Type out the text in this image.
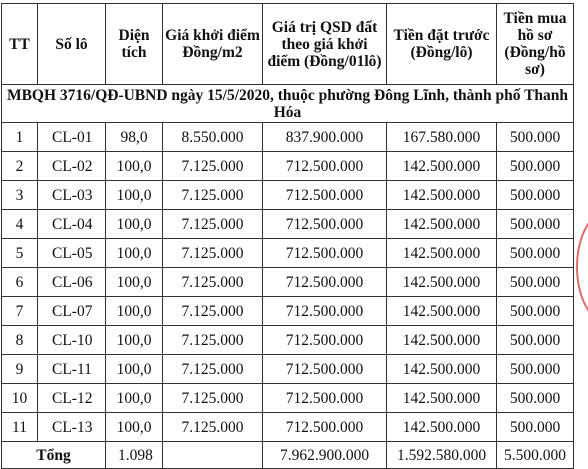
TT	Số lô	Diện tích	Giá khởi điểm Đồng/m2	Giá trị QSD đất theo giá khởi điểm (Đồng/01lô)	Tiền đặt trước (Đồng/lô)	Tiền mua hồ sơ (Đồng/hồ sơ)
MBQH 3716/QĐ-UBND ngày 15/5/2020, thuộc phường Đông Lĩnh, thành phố Thanh Hóa						
1	CL-01	98,0	8.550.000	837.900.000	167.580.000	500.000
2	CL-02	100,0	7.125.000	712.500.000	142.500.000	500.000
3	CL-03	100,0	7.125.000	712.500.000	142.500.000	500.000
4	CL-04	100,0	7.125.000	712.500.000	142.500.000	500.000
5	CL-05	100,0	7.125.000	712.500.000	142.500.000	500.000
6	CL-06	100,0	7.125.000	712.500.000	142.500.000	500.000
7	CL-07	100,0	7.125.000	712.500.000	142.500.000	500.000
8	CL-10	100,0	7.125.000	712.500.000	142.500.000	500.000
9	CL-11	100,0	7.125.000	712.500.000	142.500.000	500.000
10	CL-12	100,0	7.125.000	712.500.000	142.500.000	500.000
11	CL-13	100,0	7.125.000	712.500.000	142.500.000	500.000
Tổng		1.098		7.962.900.000	1.592.580.000	5.500.000
